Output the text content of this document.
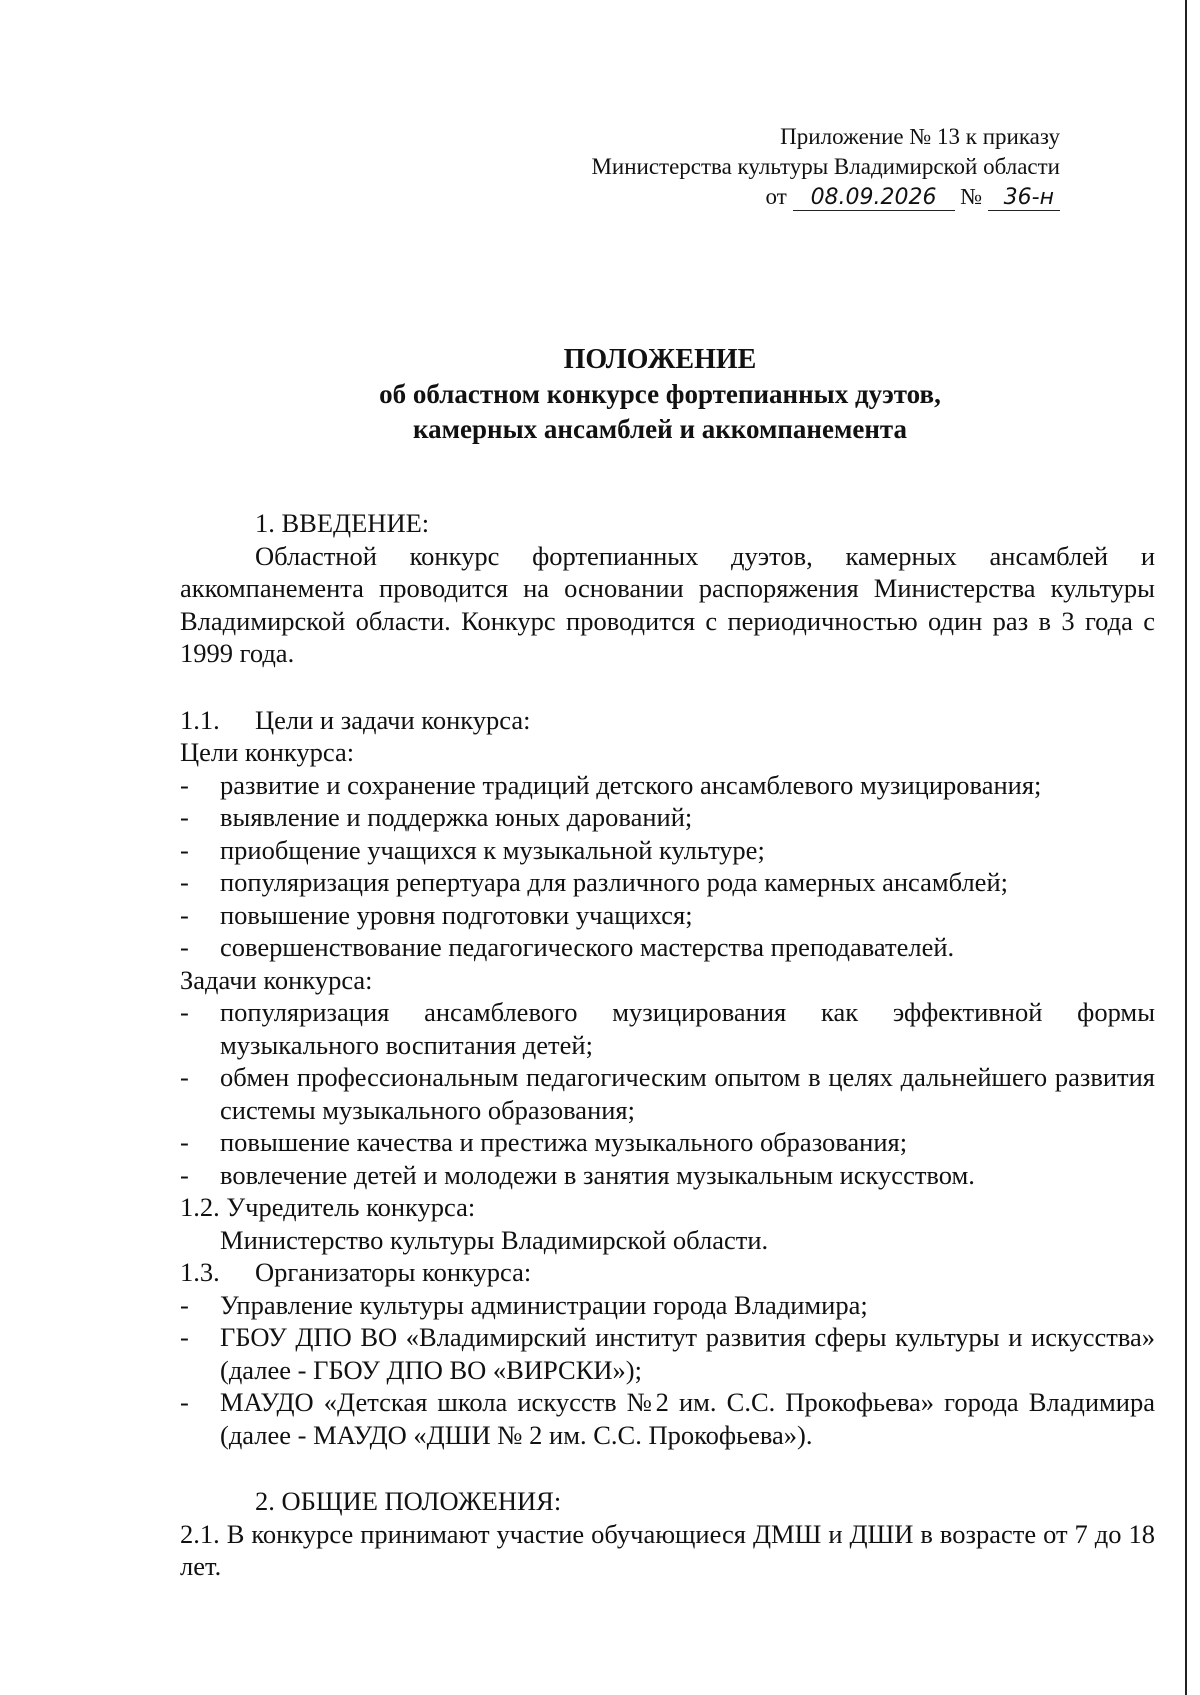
Приложение № 13 к приказу
Министерства культуры Владимирской области
от 08.09.2026 № 36-н
ПОЛОЖЕНИЕ
об областном конкурсе фортепианных дуэтов,
камерных ансамблей и аккомпанемента

1. ВВЕДЕНИЕ:

Областной конкурс фортепианных дуэтов, камерных ансамблей и аккомпанемента проводится на основании распоряжения Министерства культуры Владимирской области. Конкурс проводится с периодичностью один раз в 3 года с 1999 года.

1.1.	Цели и задачи конкурса:

Цели конкурса:

-	развитие и сохранение традиций детского ансамблевого музицирования;
-	выявление и поддержка юных дарований;
-	приобщение учащихся к музыкальной культуре;
-	популяризация репертуара для различного рода камерных ансамблей;
-	повышение уровня подготовки учащихся;
-	совершенствование педагогического мастерства преподавателей.

Задачи конкурса:

-	популяризация ансамблевого музицирования как эффективной формы музыкального воспитания детей;
-	обмен профессиональным педагогическим опытом в целях дальнейшего развития системы музыкального образования;
-	повышение качества и престижа музыкального образования;
-	вовлечение детей и молодежи в занятия музыкальным искусством.

1.2. Учредитель конкурса:

Министерство культуры Владимирской области.

1.3.	Организаторы конкурса:
-	Управление культуры администрации города Владимира;
-	ГБОУ ДПО ВО «Владимирский институт развития сферы культуры и искусства» (далее - ГБОУ ДПО ВО «ВИРСКИ»);
-	МАУДО «Детская школа искусств №2 им. С.С. Прокофьева» города Владимира (далее - МАУДО «ДШИ № 2 им. С.С. Прокофьева»).

2. ОБЩИЕ ПОЛОЖЕНИЯ:

2.1. В конкурсе принимают участие обучающиеся ДМШ и ДШИ в возрасте от 7 до 18 лет.
